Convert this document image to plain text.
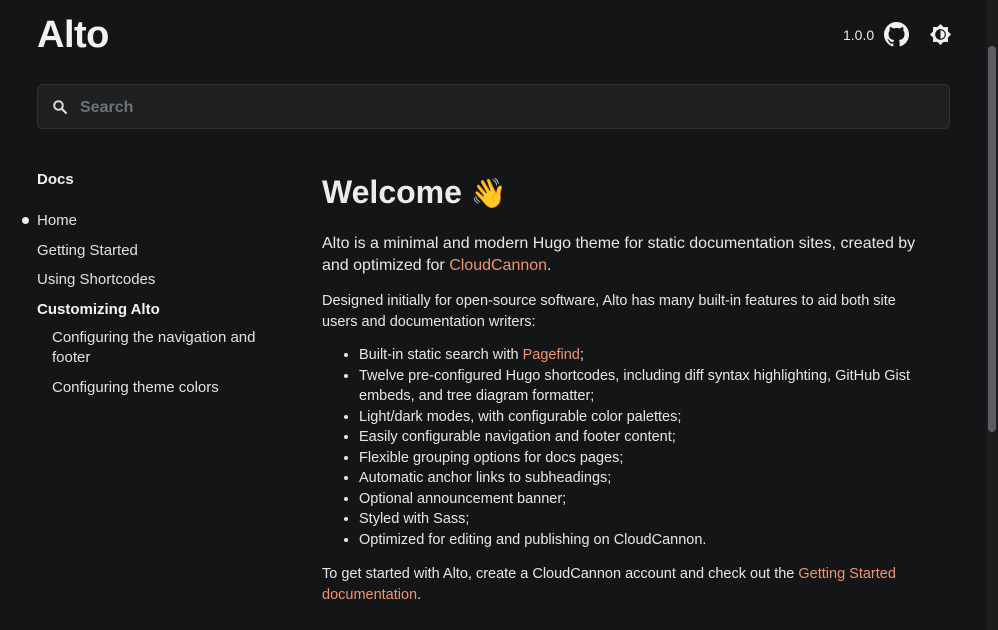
Alto	1.0.0
Search
Docs
Home
Getting Started
Using Shortcodes
Customizing Alto
Configuring the navigation and footer
Configuring theme colors
Welcome 👋

Alto is a minimal and modern Hugo theme for static documentation sites, created by and optimized for CloudCannon.

Designed initially for open-source software, Alto has many built-in features to aid both site users and documentation writers:

• Built-in static search with Pagefind;
• Twelve pre-configured Hugo shortcodes, including diff syntax highlighting, GitHub Gist embeds, and tree diagram formatter;
• Light/dark modes, with configurable color palettes;
• Easily configurable navigation and footer content;
• Flexible grouping options for docs pages;
• Automatic anchor links to subheadings;
• Optional announcement banner;
• Styled with Sass;
• Optimized for editing and publishing on CloudCannon.

To get started with Alto, create a CloudCannon account and check out the Getting Started documentation.
